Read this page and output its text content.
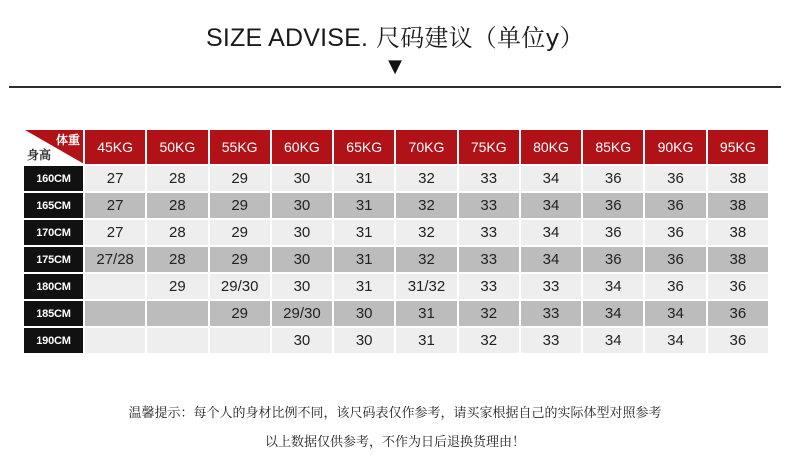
SIZE ADVISE. 尺码建议（单位y）
▼
体重
身高	45KG	50KG	55KG	60KG	65KG	70KG	75KG	80KG	85KG	90KG	95KG
160CM	27	28	29	30	31	32	33	34	36	36	38
165CM	27	28	29	30	31	32	33	34	36	36	38
170CM	27	28	29	30	31	32	33	34	36	36	38
175CM	27/28	28	29	30	31	32	33	34	36	36	38
180CM		29	29/30	30	31	31/32	33	33	34	36	36
185CM			29	29/30	30	31	32	33	34	34	36
190CM				30	30	31	32	33	34	34	36
温馨提示：每个人的身材比例不同，该尺码表仅作参考，请买家根据自己的实际体型对照参考
以上数据仅供参考，不作为日后退换货理由！
